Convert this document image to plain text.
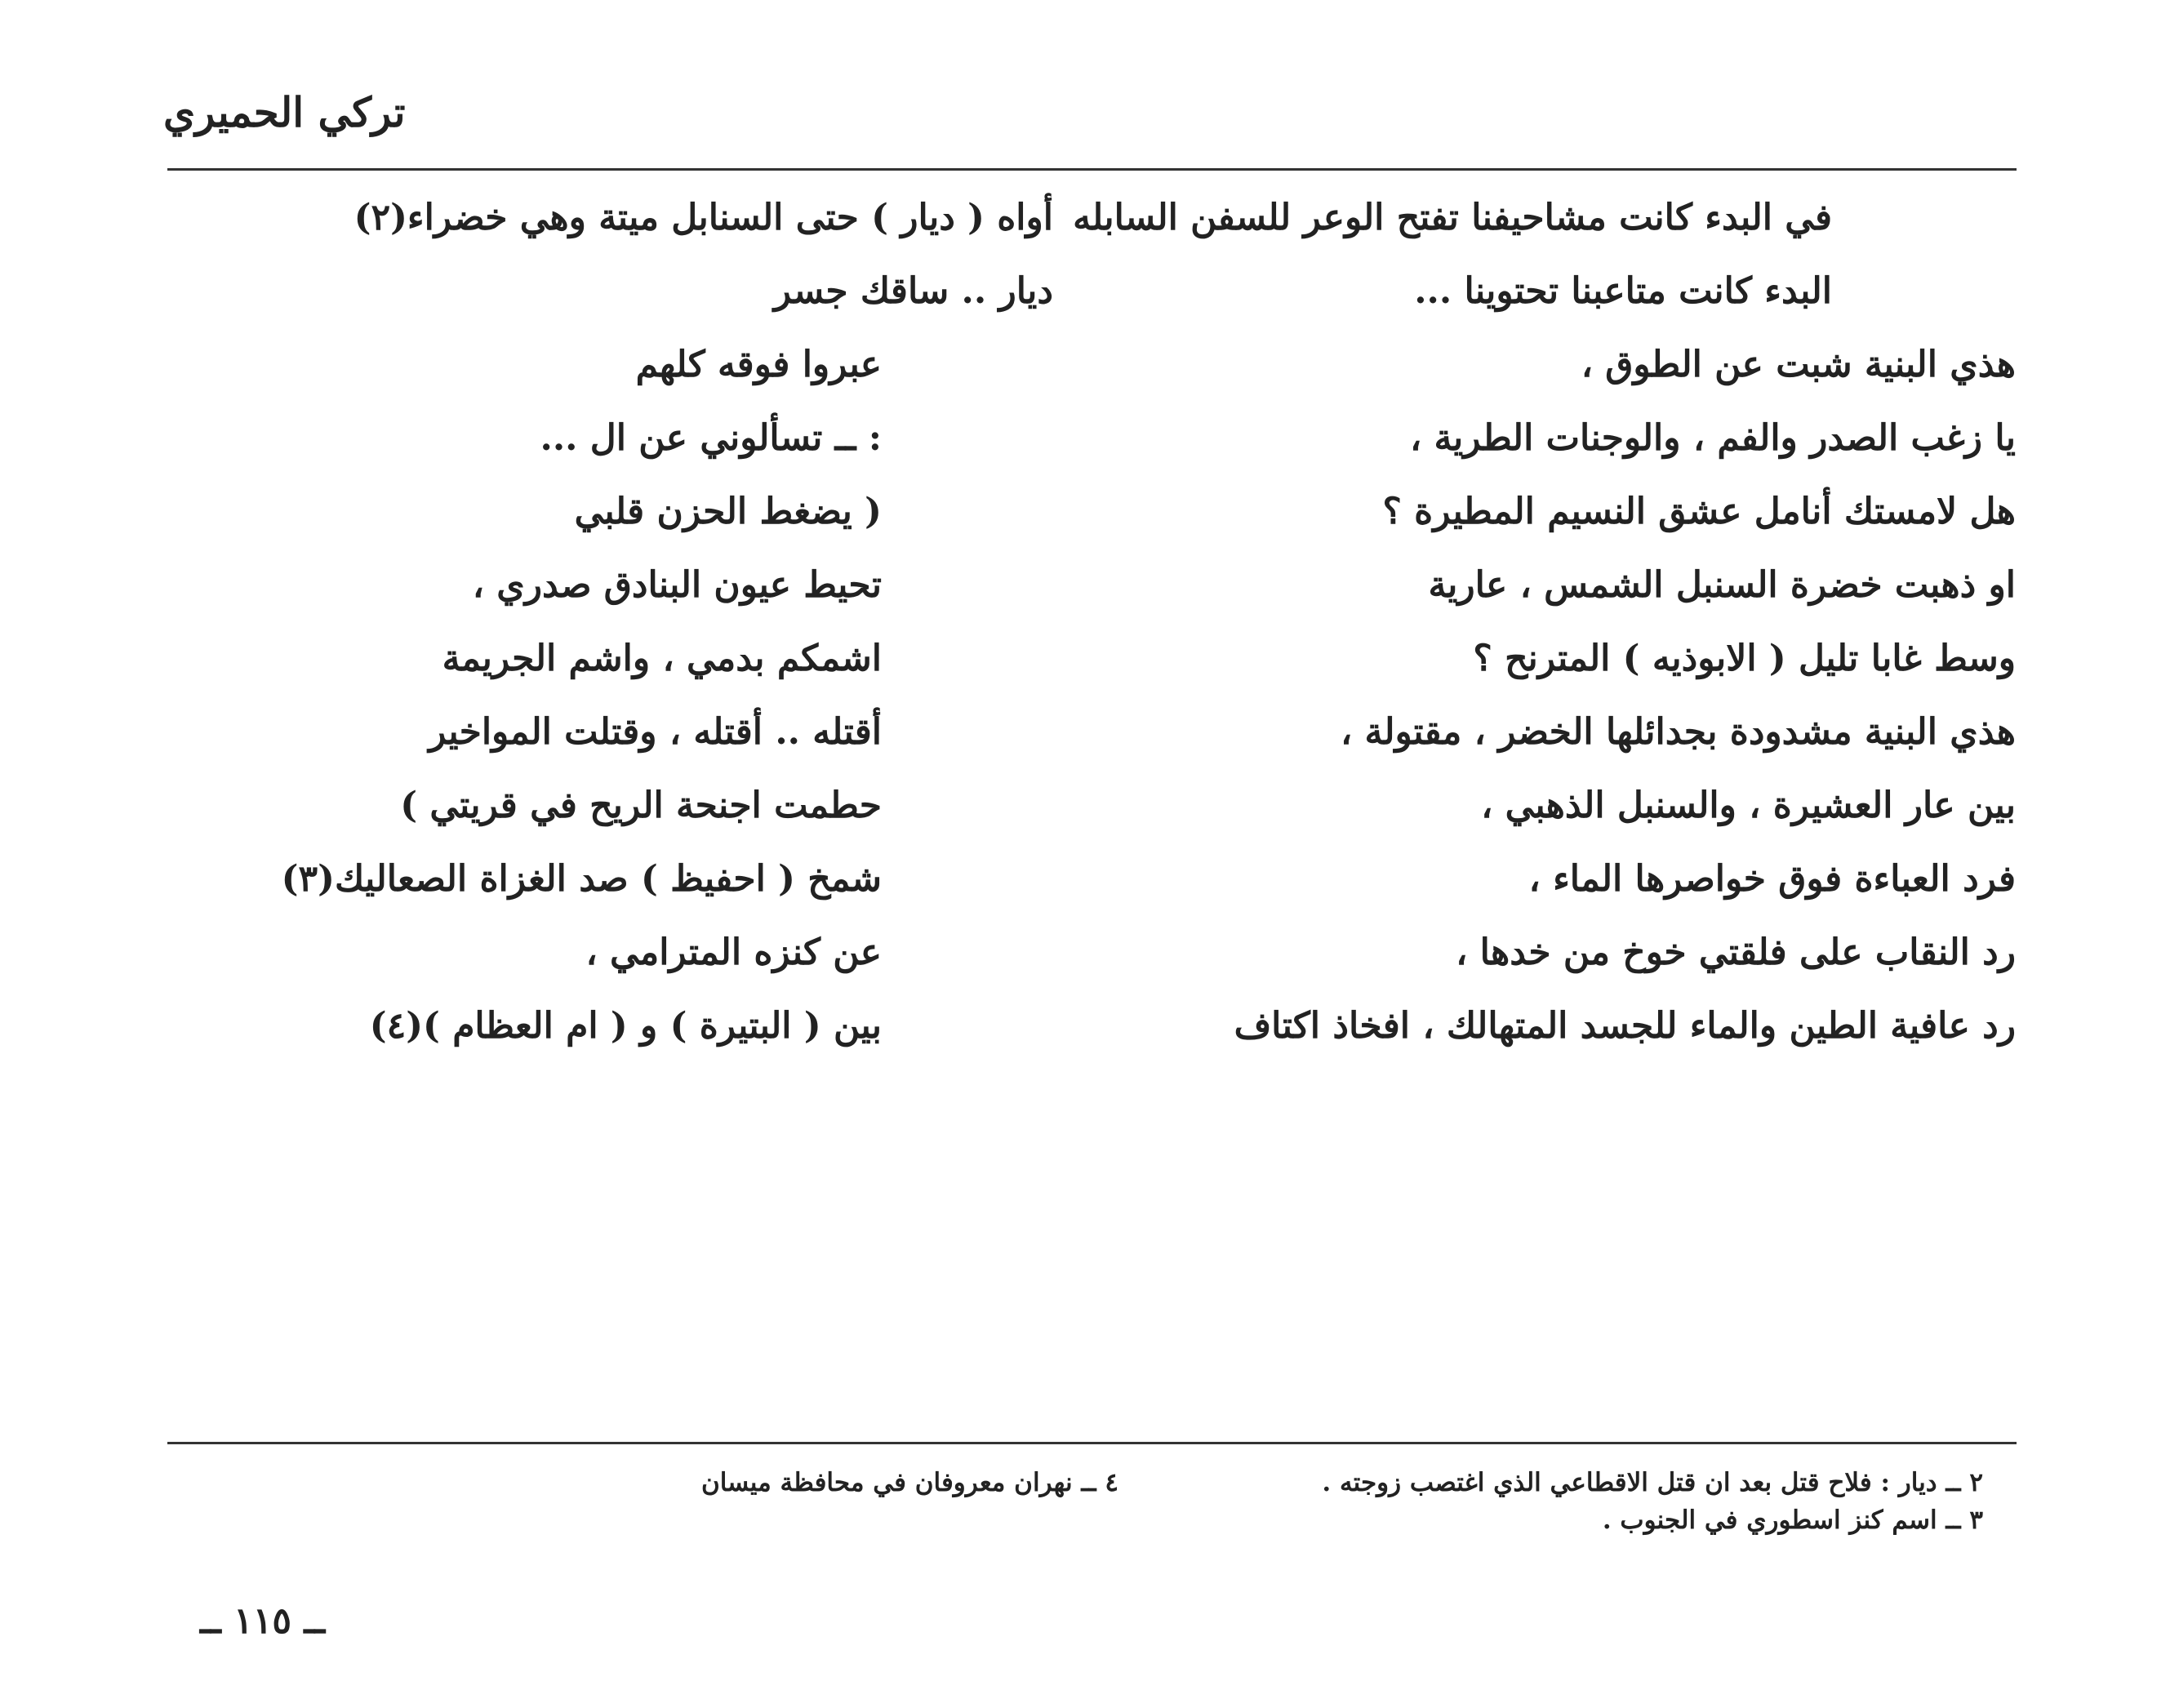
تركي الحميري
في البدء كانت مشاحيفنا تفتح الوعر للسفن السابله
البدء كانت متاعبنا تحتوينا ...
هذي البنية شبت عن الطوق ،
يا زغب الصدر والفم ، والوجنات الطرية ،
هل لامستك أنامل عشق النسيم المطيرة ؟
او ذهبت خضرة السنبل الشمس ، عارية
وسط غابا تليل ( الابوذيه ) المترنح ؟
هذي البنية مشدودة بجدائلها الخضر ، مقتولة ،
بين عار العشيرة ، والسنبل الذهبي ،
فرد العباءة فوق خواصرها الماء ،
رد النقاب على فلقتي خوخ من خدها ،
رد عافية الطين والماء للجسد المتهالك ، افخاذ اكتاف
أواه ( ديار ) حتى السنابل ميتة وهي خضراء(٢)
ديار .. ساقك جسر
عبروا فوقه كلهم
: ــ تسألوني عن ال ...
( يضغط الحزن قلبي
تحيط عيون البنادق صدري ،
اشمكم بدمي ، واشم الجريمة
أقتله .. أقتله ، وقتلت المواخير
حطمت اجنحة الريح في قريتي )
شمخ ( احفيظ ) صد الغزاة الصعاليك(٣)
عن كنزه المترامي ،
بين ( البتيرة ) و ( ام العظام )(٤)
٢ ــ ديار : فلاح قتل بعد ان قتل الاقطاعي الذي اغتصب زوجته .
٣ ــ اسم كنز اسطوري في الجنوب .
٤ ــ نهران معروفان في محافظة ميسان
ــ ١١٥ ــ
